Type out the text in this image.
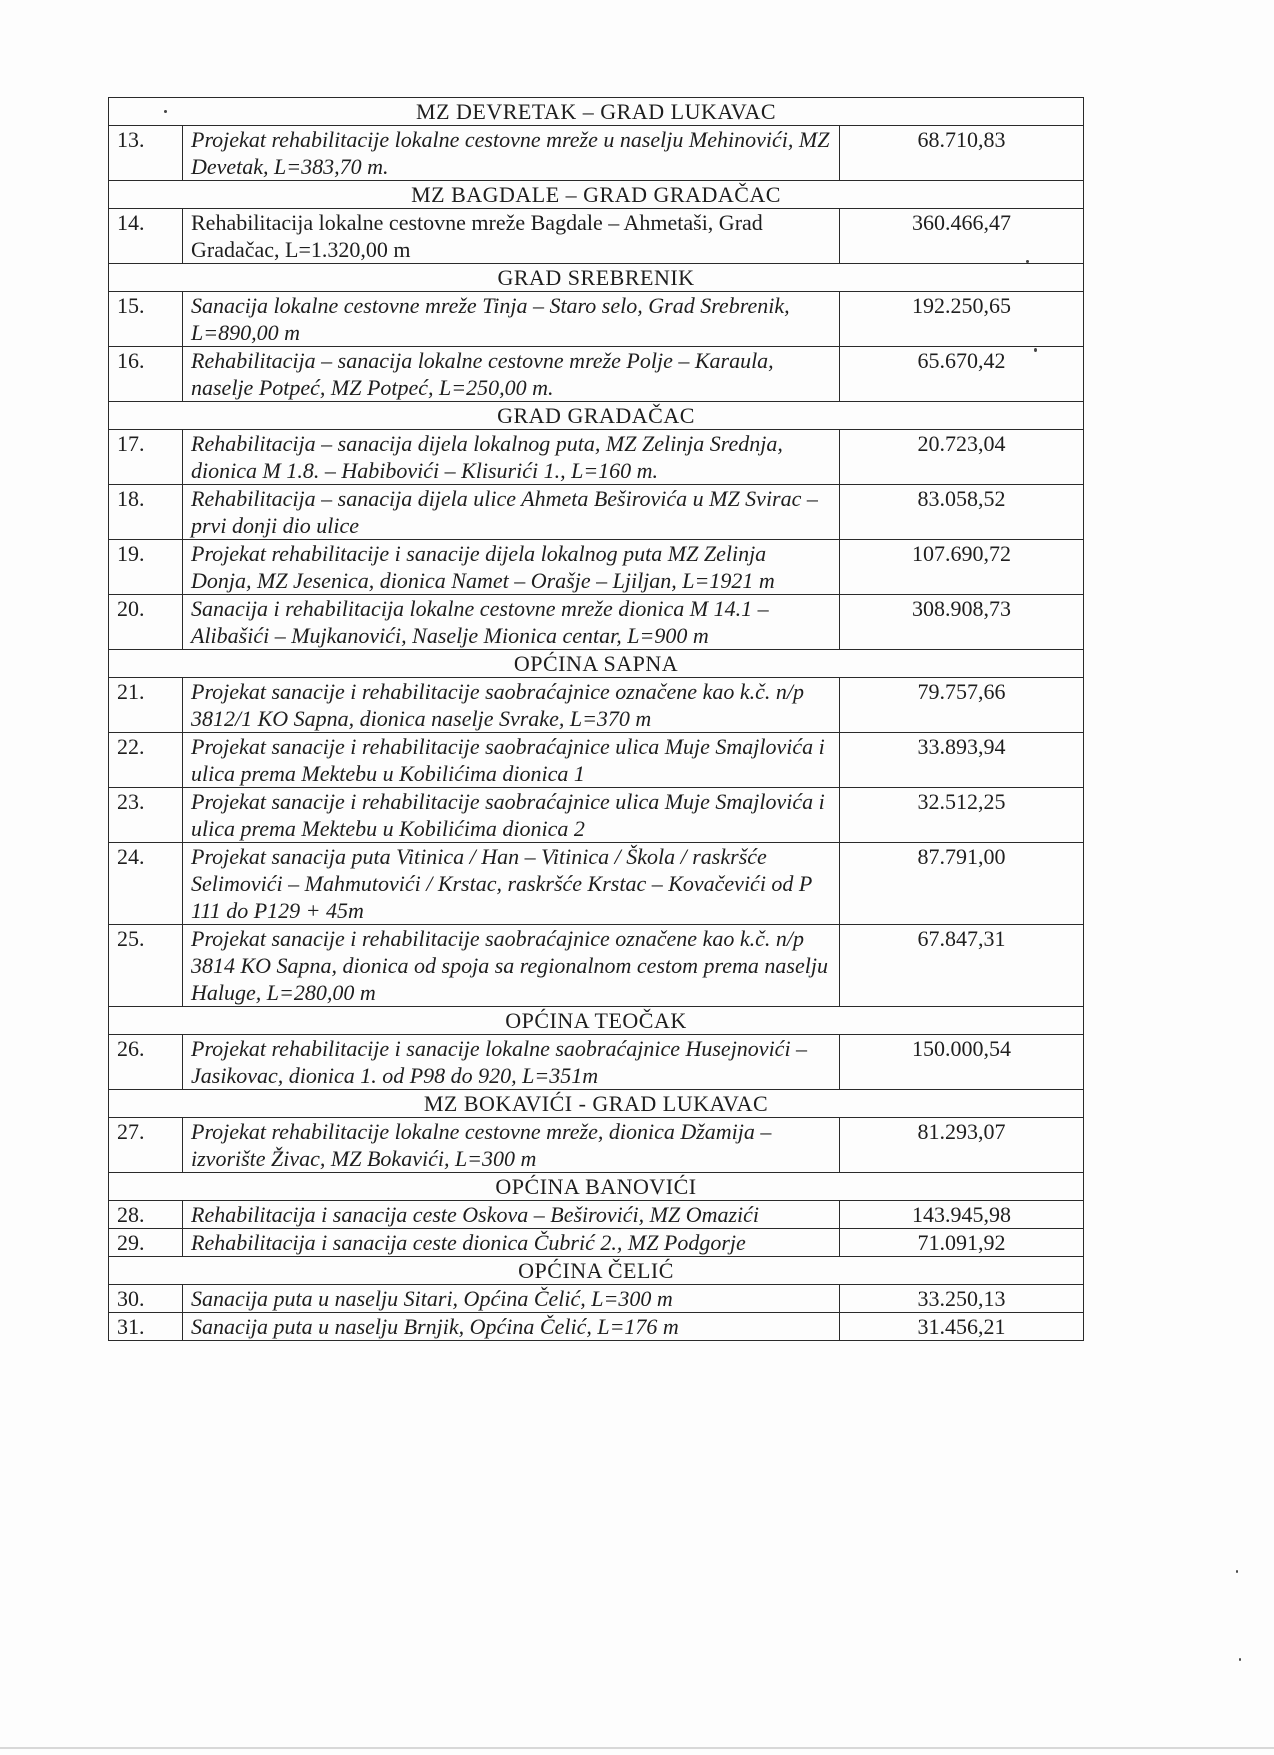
MZ DEVRETAK – GRAD LUKAVAC		
13.	Projekat rehabilitacije lokalne cestovne mreže u naselju Mehinovići, MZ Devetak, L=383,70 m.	68.710,83
MZ BAGDALE – GRAD GRADAČAC		
14.	Rehabilitacija lokalne cestovne mreže Bagdale – Ahmetaši, Grad Gradačac, L=1.320,00 m	360.466,47
GRAD SREBRENIK		
15.	Sanacija lokalne cestovne mreže Tinja – Staro selo, Grad Srebrenik, L=890,00 m	192.250,65
16.	Rehabilitacija – sanacija lokalne cestovne mreže Polje – Karaula, naselje Potpeć, MZ Potpeć, L=250,00 m.	65.670,42
GRAD GRADAČAC		
17.	Rehabilitacija – sanacija dijela lokalnog puta, MZ Zelinja Srednja, dionica M 1.8. – Habibovići – Klisurići 1., L=160 m.	20.723,04
18.	Rehabilitacija – sanacija dijela ulice Ahmeta Beširovića u MZ Svirac – prvi donji dio ulice	83.058,52
19.	Projekat rehabilitacije i sanacije dijela lokalnog puta MZ Zelinja Donja, MZ Jesenica, dionica Namet – Orašje – Ljiljan, L=1921 m	107.690,72
20.	Sanacija i rehabilitacija lokalne cestovne mreže dionica M 14.1 – Alibašići – Mujkanovići, Naselje Mionica centar, L=900 m	308.908,73
OPĆINA SAPNA		
21.	Projekat sanacije i rehabilitacije saobraćajnice označene kao k.č. n/p 3812/1 KO Sapna, dionica naselje Svrake, L=370 m	79.757,66
22.	Projekat sanacije i rehabilitacije saobraćajnice ulica Muje Smajlovića i ulica prema Mektebu u Kobilićima dionica 1	33.893,94
23.	Projekat sanacije i rehabilitacije saobraćajnice ulica Muje Smajlovića i ulica prema Mektebu u Kobilićima dionica 2	32.512,25
24.	Projekat sanacija puta Vitinica / Han – Vitinica / Škola / raskršće Selimovići – Mahmutovići / Krstac, raskršće Krstac – Kovačevići od P 111 do P129 + 45m	87.791,00
25.	Projekat sanacije i rehabilitacije saobraćajnice označene kao k.č. n/p 3814 KO Sapna, dionica od spoja sa regionalnom cestom prema naselju Haluge, L=280,00 m	67.847,31
OPĆINA TEOČAK		
26.	Projekat rehabilitacije i sanacije lokalne saobraćajnice Husejnovići – Jasikovac, dionica 1. od P98 do 920, L=351m	150.000,54
MZ BOKAVIĆI - GRAD LUKAVAC		
27.	Projekat rehabilitacije lokalne cestovne mreže, dionica Džamija – izvorište Živac, MZ Bokavići, L=300 m	81.293,07
OPĆINA BANOVIĆI		
28.	Rehabilitacija i sanacija ceste Oskova – Beširovići, MZ Omazići	143.945,98
29.	Rehabilitacija i sanacija ceste dionica Čubrić 2., MZ Podgorje	71.091,92
OPĆINA ČELIĆ		
30.	Sanacija puta u naselju Sitari, Općina Čelić, L=300 m	33.250,13
31.	Sanacija puta u naselju Brnjik, Općina Čelić, L=176 m	31.456,21
